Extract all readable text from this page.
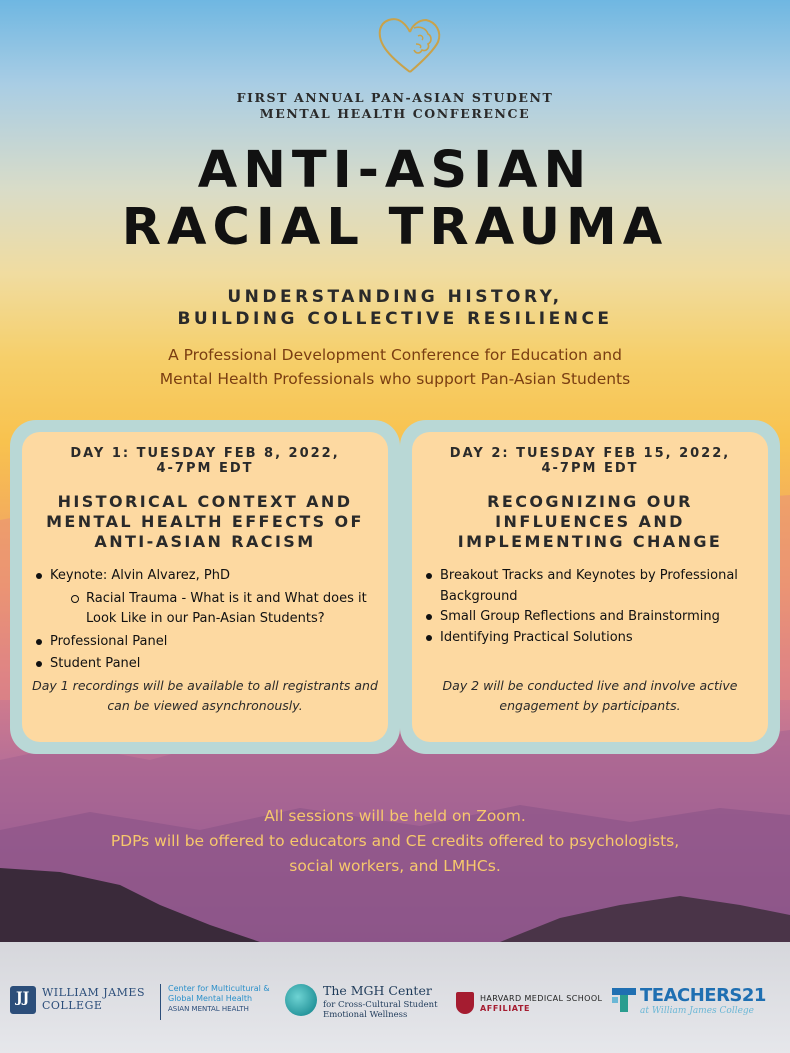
FIRST ANNUAL PAN-ASIAN STUDENT
MENTAL HEALTH CONFERENCE
ANTI-ASIAN
RACIAL TRAUMA
UNDERSTANDING HISTORY,
BUILDING COLLECTIVE RESILIENCE
A Professional Development Conference for Education and
Mental Health Professionals who support Pan-Asian Students
DAY 1: TUESDAY FEB 8, 2022,
4-7PM EDT
HISTORICAL CONTEXT AND
MENTAL HEALTH EFFECTS OF
ANTI-ASIAN RACISM
Keynote: Alvin Alvarez, PhD
Racial Trauma - What is it and What does it Look Like in our Pan-Asian Students?
Professional Panel
Student Panel
Day 1 recordings will be available to all registrants and can be viewed asynchronously.
DAY 2: TUESDAY FEB 15, 2022,
4-7PM EDT
RECOGNIZING OUR
INFLUENCES AND
IMPLEMENTING CHANGE
Breakout Tracks and Keynotes by Professional Background
Small Group Reflections and Brainstorming
Identifying Practical Solutions
Day 2 will be conducted live and involve active engagement by participants.
All sessions will be held on Zoom.
PDPs will be offered to educators and CE credits offered to psychologists,
social workers, and LMHCs.
JJ WILLIAM JAMES
COLLEGE
Center for Multicultural &
Global Mental Health
ASIAN MENTAL HEALTH
The MGH Center
for Cross-Cultural Student
Emotional Wellness
HARVARD MEDICAL SCHOOL
AFFILIATE
TEACHERS21
at William James College
